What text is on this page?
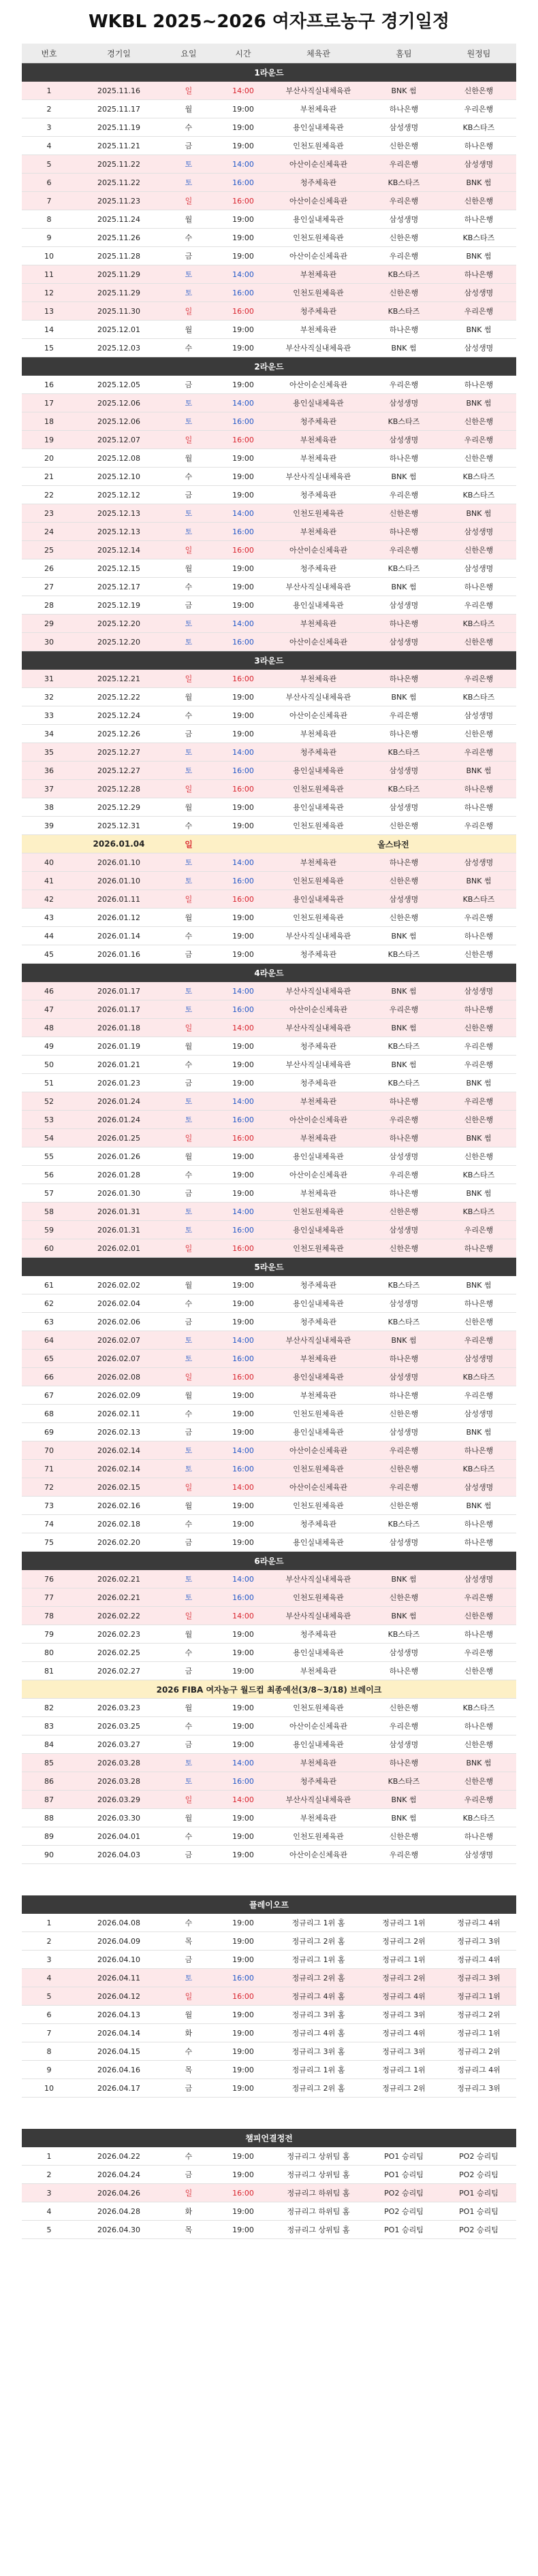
WKBL 2025~2026 여자프로농구 경기일정
번호	경기일	요일	시간	체육관	홈팀	원정팀
1라운드						
1	2025.11.16	일	14:00	부산사직실내체육관	BNK 썸	신한은행
2	2025.11.17	월	19:00	부천체육관	하나은행	우리은행
3	2025.11.19	수	19:00	용인실내체육관	삼성생명	KB스타즈
4	2025.11.21	금	19:00	인천도원체육관	신한은행	하나은행
5	2025.11.22	토	14:00	아산이순신체육관	우리은행	삼성생명
6	2025.11.22	토	16:00	청주체육관	KB스타즈	BNK 썸
7	2025.11.23	일	16:00	아산이순신체육관	우리은행	신한은행
8	2025.11.24	월	19:00	용인실내체육관	삼성생명	하나은행
9	2025.11.26	수	19:00	인천도원체육관	신한은행	KB스타즈
10	2025.11.28	금	19:00	아산이순신체육관	우리은행	BNK 썸
11	2025.11.29	토	14:00	부천체육관	KB스타즈	하나은행
12	2025.11.29	토	16:00	인천도원체육관	신한은행	삼성생명
13	2025.11.30	일	16:00	청주체육관	KB스타즈	우리은행
14	2025.12.01	월	19:00	부천체육관	하나은행	BNK 썸
15	2025.12.03	수	19:00	부산사직실내체육관	BNK 썸	삼성생명
2라운드						
16	2025.12.05	금	19:00	아산이순신체육관	우리은행	하나은행
17	2025.12.06	토	14:00	용인실내체육관	삼성생명	BNK 썸
18	2025.12.06	토	16:00	청주체육관	KB스타즈	신한은행
19	2025.12.07	일	16:00	부천체육관	삼성생명	우리은행
20	2025.12.08	월	19:00	부천체육관	하나은행	신한은행
21	2025.12.10	수	19:00	부산사직실내체육관	BNK 썸	KB스타즈
22	2025.12.12	금	19:00	청주체육관	우리은행	KB스타즈
23	2025.12.13	토	14:00	인천도원체육관	신한은행	BNK 썸
24	2025.12.13	토	16:00	부천체육관	하나은행	삼성생명
25	2025.12.14	일	16:00	아산이순신체육관	우리은행	신한은행
26	2025.12.15	월	19:00	청주체육관	KB스타즈	삼성생명
27	2025.12.17	수	19:00	부산사직실내체육관	BNK 썸	하나은행
28	2025.12.19	금	19:00	용인실내체육관	삼성생명	우리은행
29	2025.12.20	토	14:00	부천체육관	하나은행	KB스타즈
30	2025.12.20	토	16:00	아산이순신체육관	삼성생명	신한은행
3라운드						
31	2025.12.21	일	16:00	부천체육관	하나은행	우리은행
32	2025.12.22	월	19:00	부산사직실내체육관	BNK 썸	KB스타즈
33	2025.12.24	수	19:00	아산이순신체육관	우리은행	삼성생명
34	2025.12.26	금	19:00	부천체육관	하나은행	신한은행
35	2025.12.27	토	14:00	청주체육관	KB스타즈	우리은행
36	2025.12.27	토	16:00	용인실내체육관	삼성생명	BNK 썸
37	2025.12.28	일	16:00	인천도원체육관	KB스타즈	하나은행
38	2025.12.29	월	19:00	용인실내체육관	삼성생명	하나은행
39	2025.12.31	수	19:00	인천도원체육관	신한은행	우리은행
	2026.01.04	일		올스타전		
40	2026.01.10	토	14:00	부천체육관	하나은행	삼성생명
41	2026.01.10	토	16:00	인천도원체육관	신한은행	BNK 썸
42	2026.01.11	일	16:00	용인실내체육관	삼성생명	KB스타즈
43	2026.01.12	월	19:00	인천도원체육관	신한은행	우리은행
44	2026.01.14	수	19:00	부산사직실내체육관	BNK 썸	하나은행
45	2026.01.16	금	19:00	청주체육관	KB스타즈	신한은행
4라운드						
46	2026.01.17	토	14:00	부산사직실내체육관	BNK 썸	삼성생명
47	2026.01.17	토	16:00	아산이순신체육관	우리은행	하나은행
48	2026.01.18	일	14:00	부산사직실내체육관	BNK 썸	신한은행
49	2026.01.19	월	19:00	청주체육관	KB스타즈	우리은행
50	2026.01.21	수	19:00	부산사직실내체육관	BNK 썸	우리은행
51	2026.01.23	금	19:00	청주체육관	KB스타즈	BNK 썸
52	2026.01.24	토	14:00	부천체육관	하나은행	우리은행
53	2026.01.24	토	16:00	아산이순신체육관	우리은행	신한은행
54	2026.01.25	일	16:00	부천체육관	하나은행	BNK 썸
55	2026.01.26	월	19:00	용인실내체육관	삼성생명	신한은행
56	2026.01.28	수	19:00	아산이순신체육관	우리은행	KB스타즈
57	2026.01.30	금	19:00	부천체육관	하나은행	BNK 썸
58	2026.01.31	토	14:00	인천도원체육관	신한은행	KB스타즈
59	2026.01.31	토	16:00	용인실내체육관	삼성생명	우리은행
60	2026.02.01	일	16:00	인천도원체육관	신한은행	하나은행
5라운드						
61	2026.02.02	월	19:00	청주체육관	KB스타즈	BNK 썸
62	2026.02.04	수	19:00	용인실내체육관	삼성생명	하나은행
63	2026.02.06	금	19:00	청주체육관	KB스타즈	신한은행
64	2026.02.07	토	14:00	부산사직실내체육관	BNK 썸	우리은행
65	2026.02.07	토	16:00	부천체육관	하나은행	삼성생명
66	2026.02.08	일	16:00	용인실내체육관	삼성생명	KB스타즈
67	2026.02.09	월	19:00	부천체육관	하나은행	우리은행
68	2026.02.11	수	19:00	인천도원체육관	신한은행	삼성생명
69	2026.02.13	금	19:00	용인실내체육관	삼성생명	BNK 썸
70	2026.02.14	토	14:00	아산이순신체육관	우리은행	하나은행
71	2026.02.14	토	16:00	인천도원체육관	신한은행	KB스타즈
72	2026.02.15	일	14:00	아산이순신체육관	우리은행	삼성생명
73	2026.02.16	월	19:00	인천도원체육관	신한은행	BNK 썸
74	2026.02.18	수	19:00	청주체육관	KB스타즈	하나은행
75	2026.02.20	금	19:00	용인실내체육관	삼성생명	하나은행
6라운드						
76	2026.02.21	토	14:00	부산사직실내체육관	BNK 썸	삼성생명
77	2026.02.21	토	16:00	인천도원체육관	신한은행	우리은행
78	2026.02.22	일	14:00	부산사직실내체육관	BNK 썸	신한은행
79	2026.02.23	월	19:00	청주체육관	KB스타즈	하나은행
80	2026.02.25	수	19:00	용인실내체육관	삼성생명	우리은행
81	2026.02.27	금	19:00	부천체육관	하나은행	신한은행
2026 FIBA 여자농구 월드컵 최종예선(3/8~3/18) 브레이크						
82	2026.03.23	월	19:00	인천도원체육관	신한은행	KB스타즈
83	2026.03.25	수	19:00	아산이순신체육관	우리은행	하나은행
84	2026.03.27	금	19:00	용인실내체육관	삼성생명	신한은행
85	2026.03.28	토	14:00	부천체육관	하나은행	BNK 썸
86	2026.03.28	토	16:00	청주체육관	KB스타즈	신한은행
87	2026.03.29	일	14:00	부산사직실내체육관	BNK 썸	우리은행
88	2026.03.30	월	19:00	부천체육관	BNK 썸	KB스타즈
89	2026.04.01	수	19:00	인천도원체육관	신한은행	하나은행
90	2026.04.03	금	19:00	아산이순신체육관	우리은행	삼성생명

플레이오프						
1	2026.04.08	수	19:00	정규리그 1위 홈	정규리그 1위	정규리그 4위
2	2026.04.09	목	19:00	정규리그 2위 홈	정규리그 2위	정규리그 3위
3	2026.04.10	금	19:00	정규리그 1위 홈	정규리그 1위	정규리그 4위
4	2026.04.11	토	16:00	정규리그 2위 홈	정규리그 2위	정규리그 3위
5	2026.04.12	일	16:00	정규리그 4위 홈	정규리그 4위	정규리그 1위
6	2026.04.13	월	19:00	정규리그 3위 홈	정규리그 3위	정규리그 2위
7	2026.04.14	화	19:00	정규리그 4위 홈	정규리그 4위	정규리그 1위
8	2026.04.15	수	19:00	정규리그 3위 홈	정규리그 3위	정규리그 2위
9	2026.04.16	목	19:00	정규리그 1위 홈	정규리그 1위	정규리그 4위
10	2026.04.17	금	19:00	정규리그 2위 홈	정규리그 2위	정규리그 3위

챔피언결정전						
1	2026.04.22	수	19:00	정규리그 상위팀 홈	PO1 승리팀	PO2 승리팀
2	2026.04.24	금	19:00	정규리그 상위팀 홈	PO1 승리팀	PO2 승리팀
3	2026.04.26	일	16:00	정규리그 하위팀 홈	PO2 승리팀	PO1 승리팀
4	2026.04.28	화	19:00	정규리그 하위팀 홈	PO2 승리팀	PO1 승리팀
5	2026.04.30	목	19:00	정규리그 상위팀 홈	PO1 승리팀	PO2 승리팀
